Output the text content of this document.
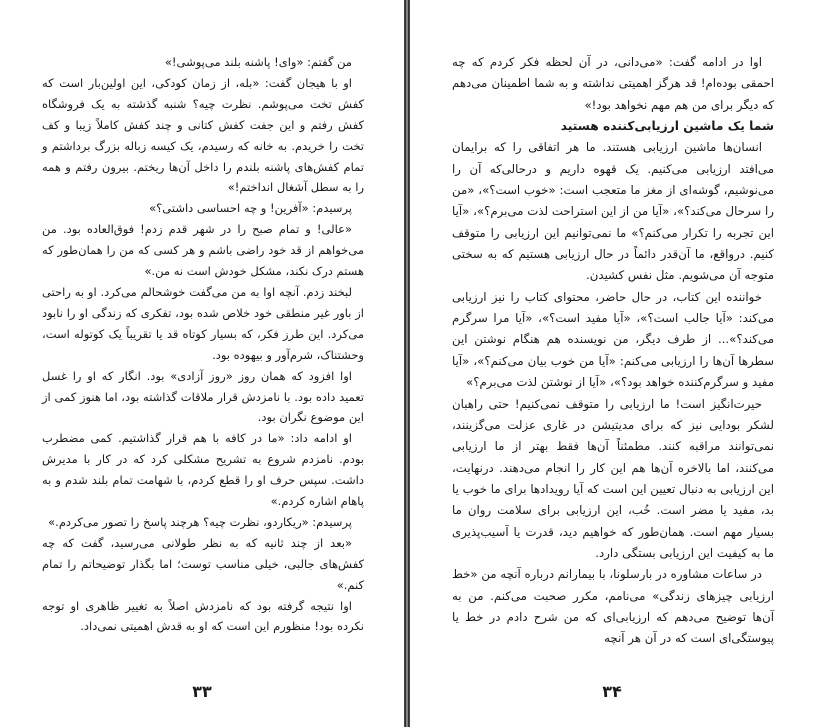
من گفتم: «وای! پاشنه بلند می‌پوشی!»

او با هیجان گفت: «بله، از زمان کودکی، این اولین‌بار است که کفش تخت می‌پوشم. نظرت چیه؟ شنبه گذشته به یک فروشگاه کفش رفتم و این جفت کفش کتانی و چند کفش کاملاً زیبا و کف تخت را خریدم. به خانه که رسیدم، یک کیسه زباله بزرگ برداشتم و تمام کفش‌های پاشنه بلندم را داخل آن‌ها ریختم. بیرون رفتم و همه را به سطل آشغال انداختم!»

پرسیدم: «آفرین! و چه احساسی داشتی؟»

«عالی! و تمام صبح را در شهر قدم زدم! فوق‌العاده بود. من می‌خواهم از قد خود راضی باشم و هر کسی که من را همان‌طور که هستم درک نکند، مشکل خودش است نه من.»

لبخند زدم. آنچه اوا به من می‌گفت خوشحالم می‌کرد. او به راحتی از باور غیر منطقی خود خلاص شده بود، تفکری که زندگی او را نابود می‌کرد. این طرز فکر، که بسیار کوتاه قد یا تقریباً یک کوتوله است، وحشتناک، شرم‌آور و بیهوده بود.

اوا افزود که همان روز «روز آزادی» بود. انگار که او را غسل تعمید داده بود. با نامزدش قرار ملاقات گذاشته بود، اما هنوز کمی از این موضوع نگران بود.

او ادامه داد: «ما در کافه با هم قرار گذاشتیم. کمی مضطرب بودم. نامزدم شروع به تشریح مشکلی کرد که در کار با مدیرش داشت. سپس حرف او را قطع کردم، با شهامت تمام بلند شدم و به پاهام اشاره کردم.»

پرسیدم: «ریکاردو، نظرت چیه؟ هرچند پاسخ را تصور می‌کردم.»

«بعد از چند ثانیه که به نظر طولانی می‌رسید، گفت که چه کفش‌های جالبی، خیلی مناسب توست؛ اما بگذار توضیحاتم را تمام کنم.»

اوا نتیجه گرفته بود که نامزدش اصلاً به تغییر ظاهری او توجه نکرده بود! منظورم این است که او به قدش اهمیتی نمی‌داد.

۳۳

اوا در ادامه گفت: «می‌دانی، در آن لحظه فکر کردم که چه احمقی بوده‌ام! قد هرگز اهمیتی نداشته و به شما اطمینان می‌دهم که دیگر برای من هم مهم نخواهد بود!»

شما یک ماشین ارزیابی‌کننده هستید

انسان‌ها ماشین ارزیابی هستند. ما هر اتفاقی را که برایمان می‌افتد ارزیابی می‌کنیم. یک قهوه داریم و درحالی‌که آن را می‌نوشیم، گوشه‌ای از مغز ما متعجب است: «خوب است؟»، «من را سرحال می‌کند؟»، «آیا من از این استراحت لذت می‌برم؟»، «آیا این تجربه را تکرار می‌کنم؟» ما نمی‌توانیم این ارزیابی را متوقف کنیم. درواقع، ما آن‌قدر دائماً در حال ارزیابی هستیم که به سختی متوجه آن می‌شویم. مثل نفس کشیدن.

خواننده این کتاب، در حال حاضر، محتوای کتاب را نیز ارزیابی می‌کند: «آیا جالب است؟»، «آیا مفید است؟»، «آیا مرا سرگرم می‌کند؟»... از طرف دیگر، من نویسنده هم هنگام نوشتن این سطرها آن‌ها را ارزیابی می‌کنم: «آیا من خوب بیان می‌کنم؟»، «آیا مفید و سرگرم‌کننده خواهد بود؟»، «آیا از نوشتن لذت می‌برم؟»

حیرت‌انگیز است! ما ارزیابی را متوقف نمی‌کنیم! حتی راهبان لشکر بودایی نیز که برای مدیتیشن در غاری عزلت می‌گزینند، نمی‌توانند مراقبه کنند. مطمئناً آن‌ها فقط بهتر از ما ارزیابی می‌کنند، اما بالاخره آن‌ها هم این کار را انجام می‌دهند. درنهایت، این ارزیابی به دنبال تعیین این است که آیا رویدادها برای ما خوب یا بد، مفید یا مضر است. خُب، این ارزیابی برای سلامت روان ما بسیار مهم است. همان‌طور که خواهیم دید، قدرت یا آسیب‌پذیری ما به کیفیت این ارزیابی بستگی دارد.

در ساعات مشاوره در بارسلونا، با بیمارانم درباره آنچه من «خط ارزیابی چیزهای زندگی» می‌نامم، مکرر صحبت می‌کنم. من به آن‌ها توضیح می‌دهم که ارزیابی‌ای که من شرح دادم در خط یا پیوستگی‌ای است که در آن هر آنچه

۳۴
